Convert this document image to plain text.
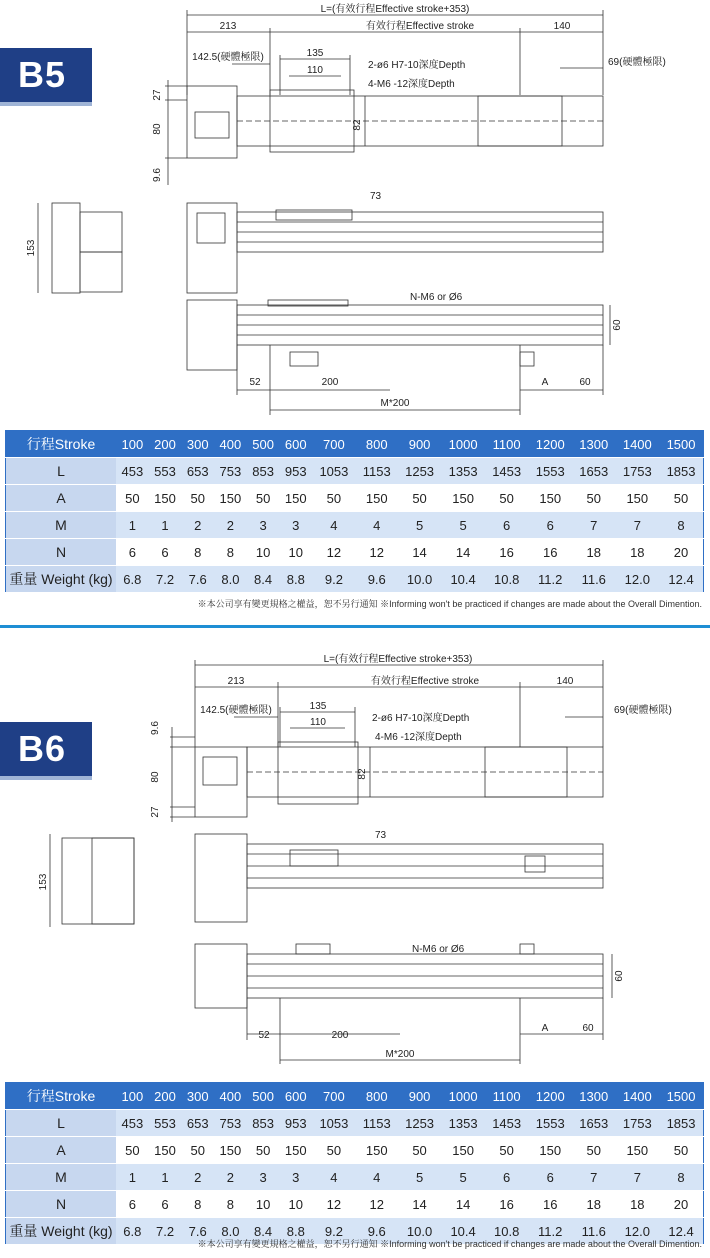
B5
L=(有效行程Effective stroke+353)
213	有效行程Effective stroke	140
142.5(硬體極限)	135
110	2-ø6 H7-10深度Depth
4-M6 -12深度Depth
69(硬體極限)
27
80	82
9.6
73
153
N-M6 or Ø6
60
52	200	A	60
M*200
行程Stroke	100	200	300	400	500	600	700	800	900	1000	1100	1200	1300	1400	1500
L	453	553	653	753	853	953	1053	1153	1253	1353	1453	1553	1653	1753	1853
A	50	150	50	150	50	150	50	150	50	150	50	150	50	150	50
M	1	1	2	2	3	3	4	4	5	5	6	6	7	7	8
N	6	6	8	8	10	10	12	12	14	14	16	16	18	18	20
重量 Weight (kg)	6.8	7.2	7.6	8.0	8.4	8.8	9.2	9.6	10.0	10.4	10.8	11.2	11.6	12.0	12.4
※本公司享有變更規格之權益，恕不另行通知 ※Informing won't be practiced if changes are made about the Overall Dimention.
B6
L=(有效行程Effective stroke+353)
213	有效行程Effective stroke	140
142.5(硬體極限)	135
110	2-ø6 H7-10深度Depth
4-M6 -12深度Depth
69(硬體極限)
9.6
80
27
82
73
153
N-M6 or Ø6
60
52	200
A	60
M*200
行程Stroke	100	200	300	400	500	600	700	800	900	1000	1100	1200	1300	1400	1500
L	453	553	653	753	853	953	1053	1153	1253	1353	1453	1553	1653	1753	1853
A	50	150	50	150	50	150	50	150	50	150	50	150	50	150	50
M	1	1	2	2	3	3	4	4	5	5	6	6	7	7	8
N	6	6	8	8	10	10	12	12	14	14	16	16	18	18	20
重量 Weight (kg)	6.8	7.2	7.6	8.0	8.4	8.8	9.2	9.6	10.0	10.4	10.8	11.2	11.6	12.0	12.4
※本公司享有變更規格之權益，恕不另行通知 ※Informing won't be practiced if changes are made about the Overall Dimention.
